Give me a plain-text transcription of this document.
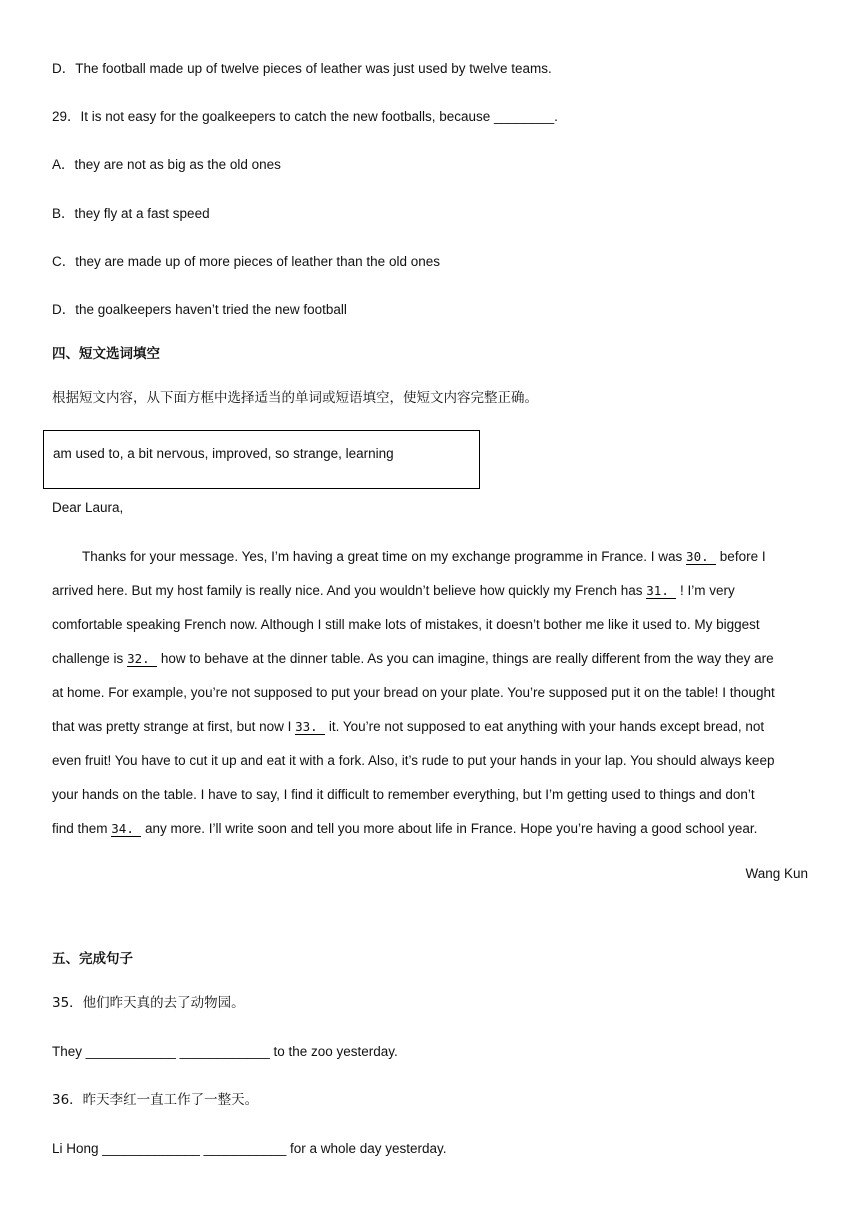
D．The football made up of twelve pieces of leather was just used by twelve teams.
29．It is not easy for the goalkeepers to catch the new footballs, because ________.
A．they are not as big as the old ones
B．they fly at a fast speed
C．they are made up of more pieces of leather than the old ones
D．the goalkeepers haven’t tried the new football
四、短文选词填空
根据短文内容，从下面方框中选择适当的单词或短语填空，使短文内容完整正确。
am used to, a bit nervous, improved, so strange, learning
Dear Laura,
Thanks for your message. Yes, I’m having a great time on my exchange programme in France. I was 30. before I
arrived here. But my host family is really nice. And you wouldn’t believe how quickly my French has 31. ! I’m very
comfortable speaking French now. Although I still make lots of mistakes, it doesn’t bother me like it used to. My biggest
challenge is 32. how to behave at the dinner table. As you can imagine, things are really different from the way they are
at home. For example, you’re not supposed to put your bread on your plate. You’re supposed put it on the table! I thought
that was pretty strange at first, but now I 33. it. You’re not supposed to eat anything with your hands except bread, not
even fruit! You have to cut it up and eat it with a fork. Also, it’s rude to put your hands in your lap. You should always keep
your hands on the table. I have to say, I find it difficult to remember everything, but I’m getting used to things and don’t
find them 34. any more. I’ll write soon and tell you more about life in France. Hope you’re having a good school year.
Wang Kun
五、完成句子
35．他们昨天真的去了动物园。
They ____________ ____________ to the zoo yesterday.
36．昨天李红一直工作了一整天。
Li Hong _____________ ___________ for a whole day yesterday.
